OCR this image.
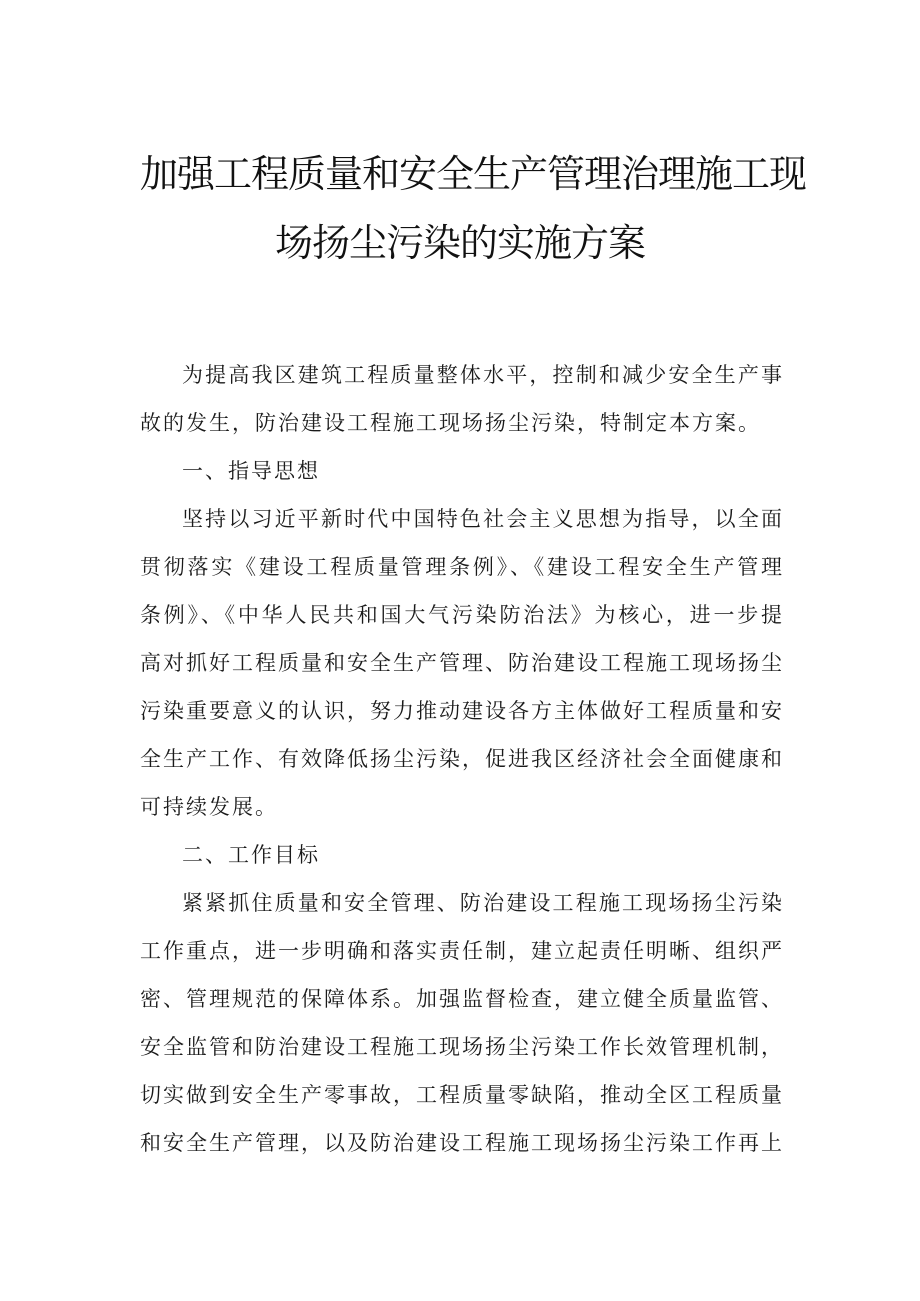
加强工程质量和安全生产管理治理施工现
场扬尘污染的实施方案

为提高我区建筑工程质量整体水平，控制和减少安全生产事故的发生，防治建设工程施工现场扬尘污染，特制定本方案。

一、指导思想

坚持以习近平新时代中国特色社会主义思想为指导，以全面贯彻落实《建设工程质量管理条例》、《建设工程安全生产管理条例》、《中华人民共和国大气污染防治法》为核心，进一步提高对抓好工程质量和安全生产管理、防治建设工程施工现场扬尘污染重要意义的认识，努力推动建设各方主体做好工程质量和安全生产工作、有效降低扬尘污染，促进我区经济社会全面健康和可持续发展。

二、工作目标

紧紧抓住质量和安全管理、防治建设工程施工现场扬尘污染工作重点，进一步明确和落实责任制，建立起责任明晰、组织严密、管理规范的保障体系。加强监督检查，建立健全质量监管、安全监管和防治建设工程施工现场扬尘污染工作长效管理机制，切实做到安全生产零事故，工程质量零缺陷，推动全区工程质量和安全生产管理，以及防治建设工程施工现场扬尘污染工作再上
